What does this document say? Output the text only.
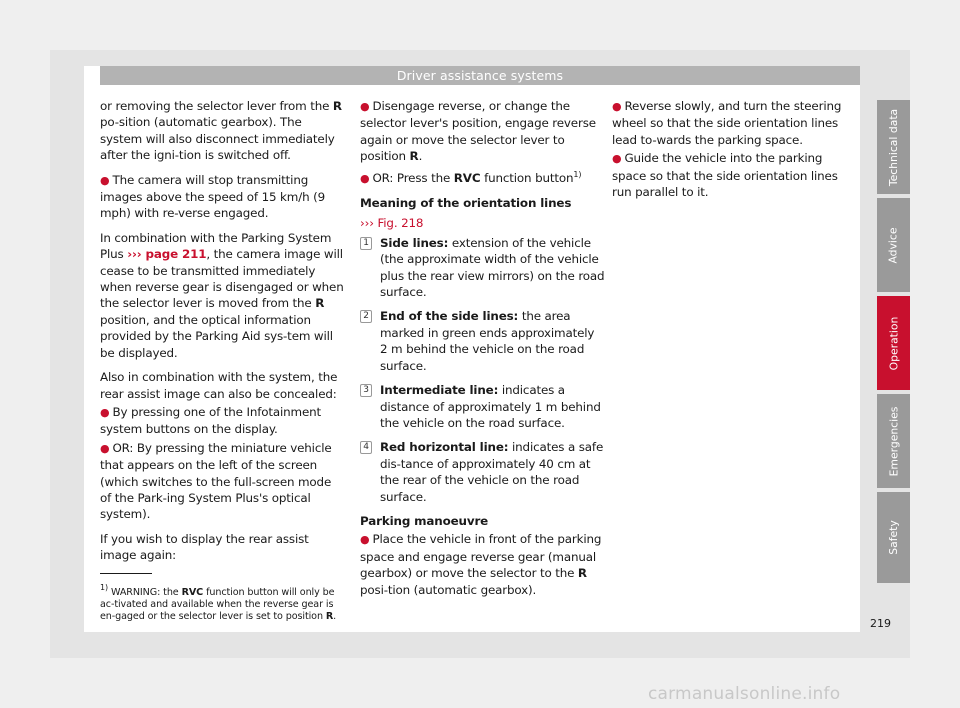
Driver assistance systems

or removing the selector lever from the R po-sition (automatic gearbox). The system will also disconnect immediately after the igni-tion is switched off.

● The camera will stop transmitting images above the speed of 15 km/h (9 mph) with re-verse engaged.

In combination with the Parking System Plus ››› page 211, the camera image will cease to be transmitted immediately when reverse gear is disengaged or when the selector lever is moved from the R position, and the optical information provided by the Parking Aid sys-tem will be displayed.

Also in combination with the system, the rear assist image can also be concealed:

● By pressing one of the Infotainment system buttons on the display.

● OR: By pressing the miniature vehicle that appears on the left of the screen (which switches to the full-screen mode of the Park-ing System Plus's optical system).

If you wish to display the rear assist image again:

● Disengage reverse, or change the selector lever's position, engage reverse again or move the selector lever to position R.

● OR: Press the RVC function button$^{1)}$

Meaning of the orientation lines

››› Fig. 218

1 Side lines: extension of the vehicle (the approximate width of the vehicle plus the rear view mirrors) on the road surface.
2 End of the side lines: the area marked in green ends approximately 2 m behind the vehicle on the road surface.
3 Intermediate line: indicates a distance of approximately 1 m behind the vehicle on the road surface.
4 Red horizontal line: indicates a safe dis-tance of approximately 40 cm at the rear of the vehicle on the road surface.

Parking manoeuvre

● Place the vehicle in front of the parking space and engage reverse gear (manual gearbox) or move the selector to the R posi-tion (automatic gearbox).

● Reverse slowly, and turn the steering wheel so that the side orientation lines lead to-wards the parking space.

● Guide the vehicle into the parking space so that the side orientation lines run parallel to it.

$^{1)}$ WARNING: the RVC function button will only be ac-tivated and available when the reverse gear is en-gaged or the selector lever is set to position R.
219
Technical data
Advice
Operation
Emergencies
Safety
carmanualsonline.info
